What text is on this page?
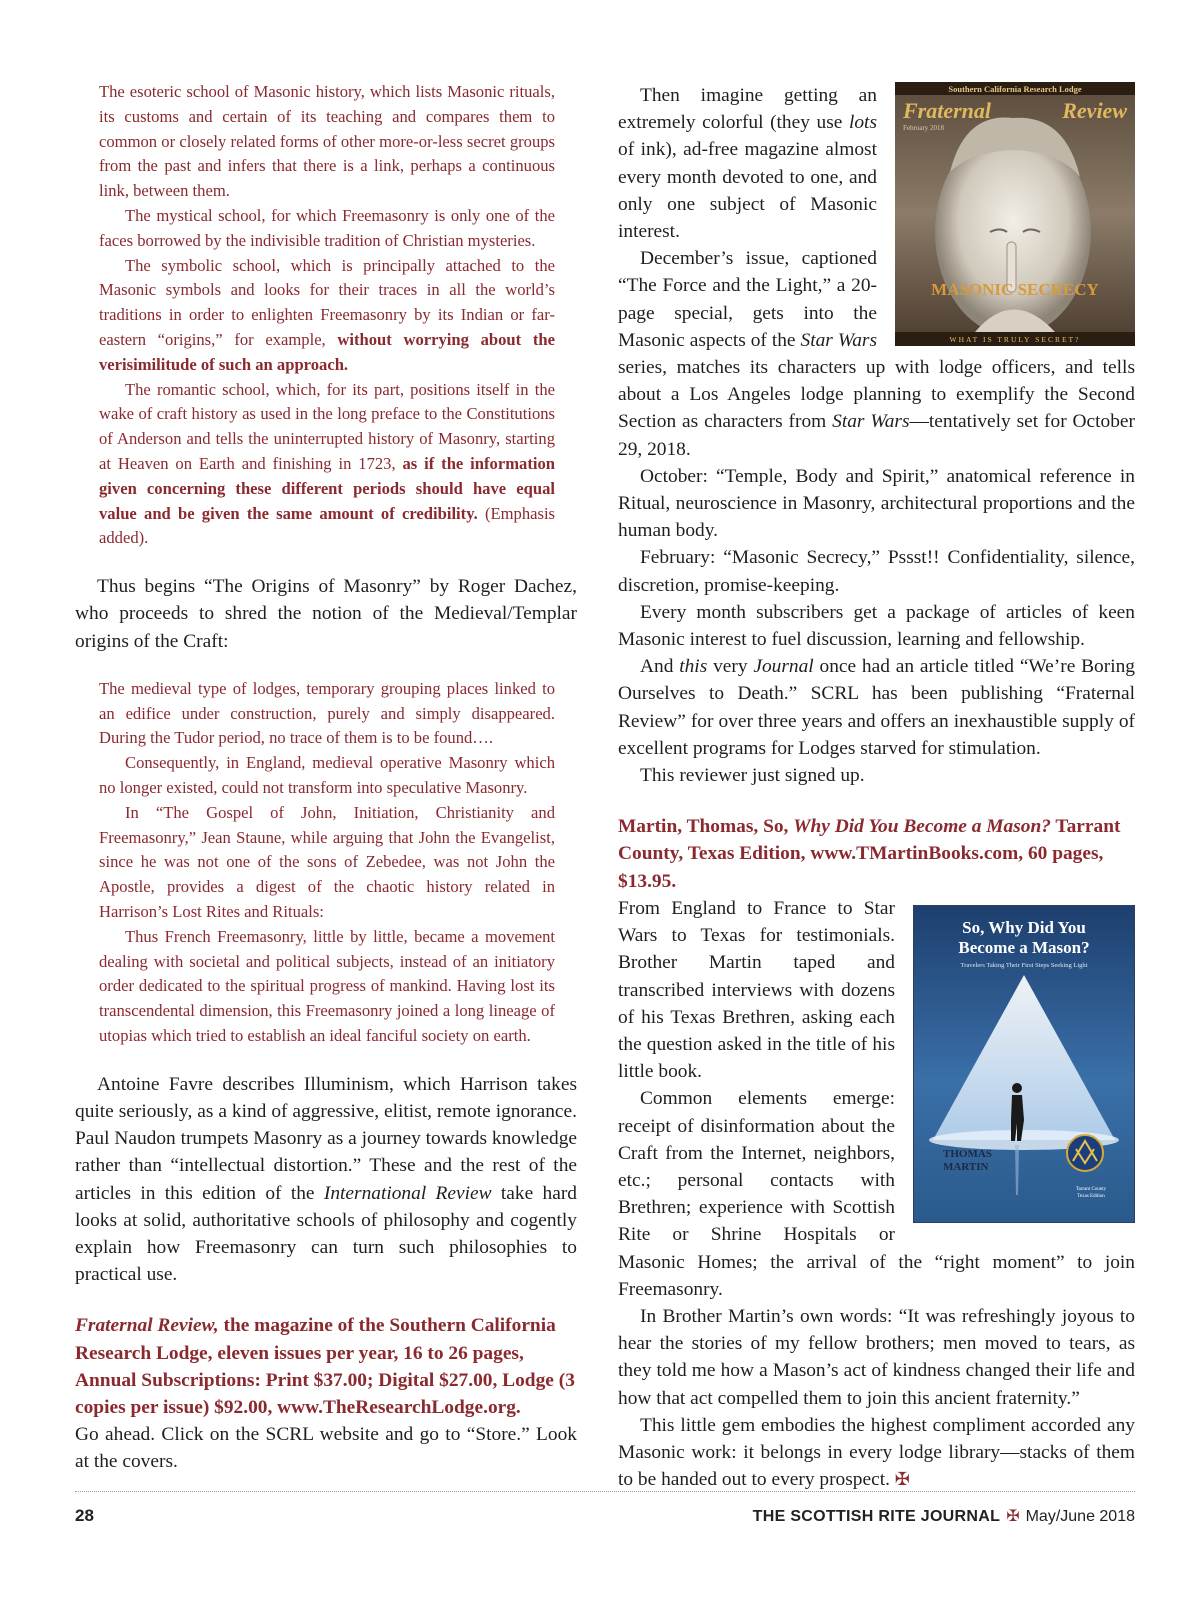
The esoteric school of Masonic history, which lists Masonic rituals, its customs and certain of its teaching and compares them to common or closely related forms of other more-or-less secret groups from the past and infers that there is a link, perhaps a continuous link, between them.

The mystical school, for which Freemasonry is only one of the faces borrowed by the indivisible tradition of Christian mysteries.

The symbolic school, which is principally attached to the Masonic symbols and looks for their traces in all the world’s traditions in order to enlighten Freemasonry by its Indian or far-eastern “origins,” for example, without worrying about the verisimilitude of such an approach.

The romantic school, which, for its part, positions itself in the wake of craft history as used in the long preface to the Constitutions of Anderson and tells the uninterrupted history of Masonry, starting at Heaven on Earth and finishing in 1723, as if the information given concerning these different periods should have equal value and be given the same amount of credibility. (Emphasis added).

Thus begins “The Origins of Masonry” by Roger Dachez, who proceeds to shred the notion of the Medieval/Templar origins of the Craft:

The medieval type of lodges, temporary grouping places linked to an edifice under construction, purely and simply disappeared. During the Tudor period, no trace of them is to be found….

Consequently, in England, medieval operative Masonry which no longer existed, could not transform into speculative Masonry.

In “The Gospel of John, Initiation, Christianity and Freemasonry,” Jean Staune, while arguing that John the Evangelist, since he was not one of the sons of Zebedee, was not John the Apostle, provides a digest of the chaotic history related in Harrison’s Lost Rites and Rituals:

Thus French Freemasonry, little by little, became a movement dealing with societal and political subjects, instead of an initiatory order dedicated to the spiritual progress of mankind. Having lost its transcendental dimension, this Freemasonry joined a long lineage of utopias which tried to establish an ideal fanciful society on earth.

Antoine Favre describes Illuminism, which Harrison takes quite seriously, as a kind of aggressive, elitist, remote ignorance. Paul Naudon trumpets Masonry as a journey towards knowledge rather than “intellectual distortion.” These and the rest of the articles in this edition of the International Review take hard looks at solid, authoritative schools of philosophy and cogently explain how Freemasonry can turn such philosophies to practical use.

Fraternal Review, the magazine of the Southern California Research Lodge, eleven issues per year, 16 to 26 pages, Annual Subscriptions: Print $37.00; Digital $27.00, Lodge (3 copies per issue) $92.00, www.TheResearchLodge.org.

Go ahead. Click on the SCRL website and go to “Store.” Look at the covers.

Southern California Research Lodge
Fraternal	Review
February 2018
MASONIC SECRECY
WHAT IS TRULY SECRET?

Then imagine getting an extremely colorful (they use lots of ink), ad-free magazine almost every month devoted to one, and only one subject of Masonic interest.

December’s issue, captioned “The Force and the Light,” a 20-page special, gets into the Masonic aspects of the Star Wars series, matches its characters up with lodge officers, and tells about a Los Angeles lodge planning to exemplify the Second Section as characters from Star Wars—tentatively set for October 29, 2018.

October: “Temple, Body and Spirit,” anatomical reference in Ritual, neuroscience in Masonry, architectural proportions and the human body.

February: “Masonic Secrecy,” Pssst!! Confidentiality, silence, discretion, promise-keeping.

Every month subscribers get a package of articles of keen Masonic interest to fuel discussion, learning and fellowship.

And this very Journal once had an article titled “We’re Boring Ourselves to Death.” SCRL has been publishing “Fraternal Review” for over three years and offers an inexhaustible supply of excellent programs for Lodges starved for stimulation.

This reviewer just signed up.

Martin, Thomas, So, Why Did You Become a Mason? Tarrant County, Texas Edition, www.TMartinBooks.com, 60 pages, $13.95.

So, Why Did You
Become a Mason?
Travelers Taking Their First Steps Seeking Light
THOMAS
MARTIN
Tarrant County
Texas Edition

From England to France to Star Wars to Texas for testimonials. Brother Martin taped and transcribed interviews with dozens of his Texas Brethren, asking each the question asked in the title of his little book.

Common elements emerge: receipt of disinformation about the Craft from the Internet, neighbors, etc.; personal contacts with Brethren; experience with Scottish Rite or Shrine Hospitals or Masonic Homes; the arrival of the “right moment” to join Freemasonry.

In Brother Martin’s own words: “It was refreshingly joyous to hear the stories of my fellow brothers; men moved to tears, as they told me how a Mason’s act of kindness changed their life and how that act compelled them to join this ancient fraternity.”

This little gem embodies the highest compliment accorded any Masonic work: it belongs in every lodge library—stacks of them to be handed out to every prospect. ✠

28	THE SCOTTISH RITE JOURNAL ✠ May/June 2018
